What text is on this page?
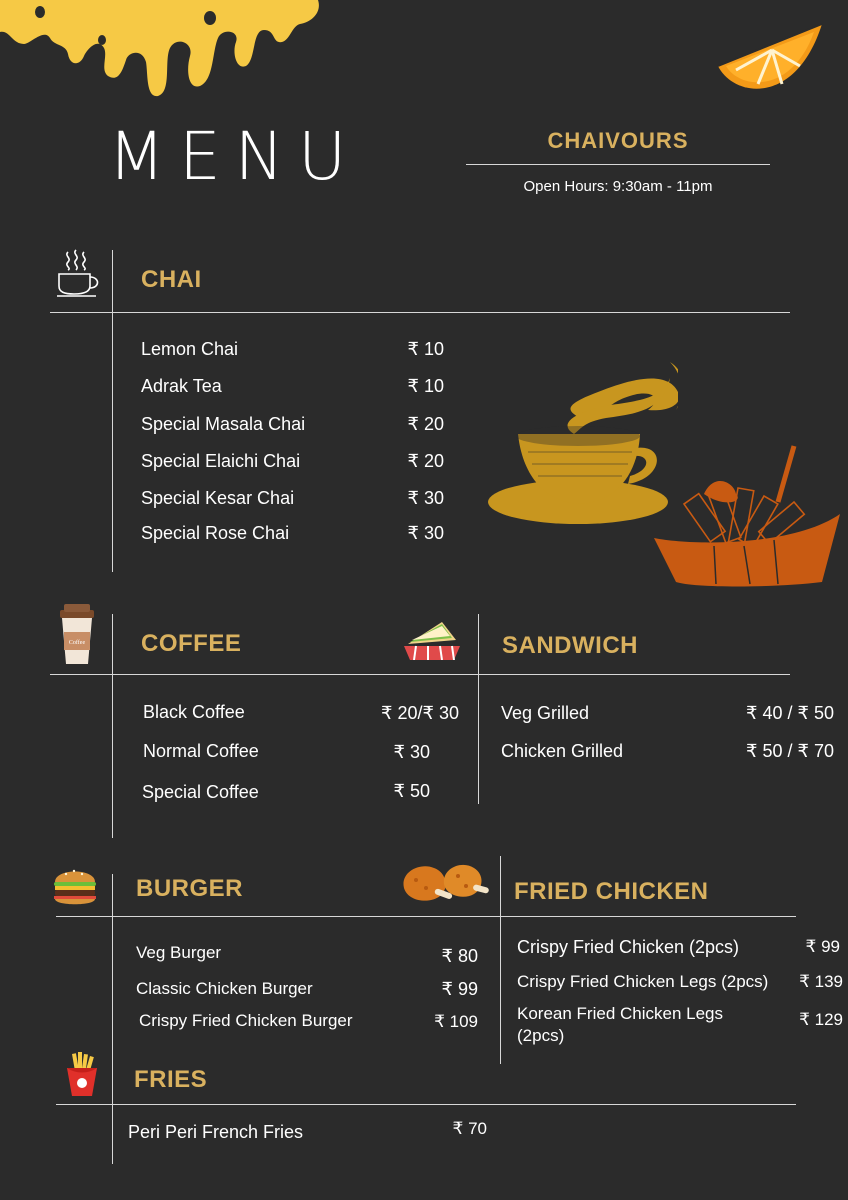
MENU	CHAIVOURS
Open Hours: 9:30am - 11pm
CHAI
Lemon Chai	₹ 10
Adrak Tea	₹ 10
Special Masala Chai	₹ 20
Special Elaichi Chai	₹ 20
Special Kesar Chai	₹ 30
Special Rose Chai	₹ 30
Coffee COFFEE	SANDWICH
Black Coffee	₹ 20/₹ 30
Normal Coffee	₹ 30
Special Coffee	₹ 50
Veg Grilled	₹ 40 / ₹ 50
Chicken Grilled	₹ 50 / ₹ 70
BURGER	FRIED CHICKEN
Veg Burger	₹ 80
Classic Chicken Burger	₹ 99
Crispy Fried Chicken Burger	₹ 109
Crispy Fried Chicken (2pcs)	₹ 99
Crispy Fried Chicken Legs (2pcs) ₹ 139
Korean Fried Chicken Legs
(2pcs)
₹ 129
FRIES
Peri Peri French Fries	₹ 70
